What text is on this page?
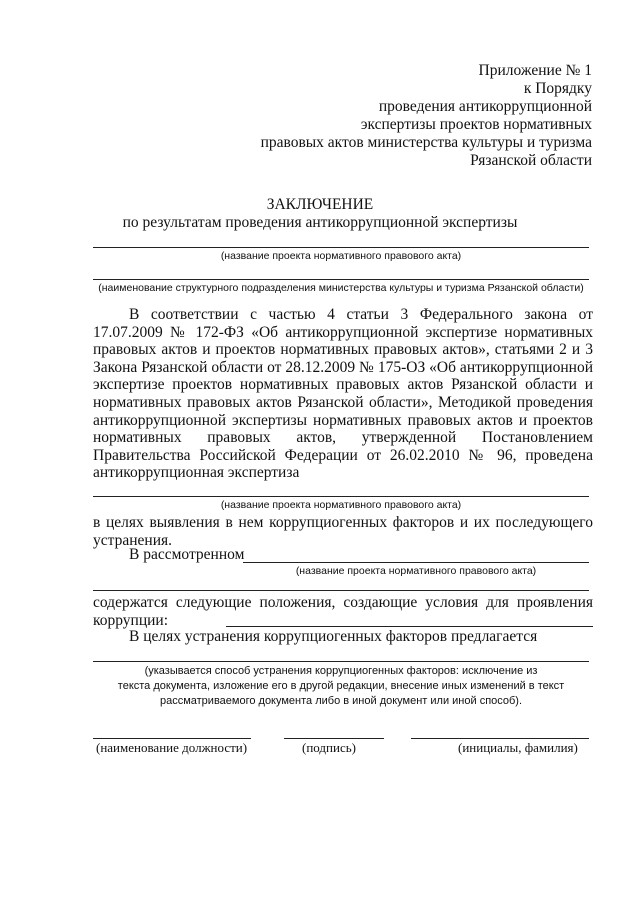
Приложение № 1
к Порядку
проведения антикоррупционной
экспертизы проектов нормативных
правовых актов министерства культуры и туризма
Рязанской области
ЗАКЛЮЧЕНИЕ
по результатам проведения антикоррупционной экспертизы
(название проекта нормативного правового акта)
(наименование структурного подразделения министерства культуры и туризма Рязанской области)
В соответствии с частью 4 статьи 3 Федерального закона от 17.07.2009 № 172-ФЗ «Об антикоррупционной экспертизе нормативных правовых актов и проектов нормативных правовых актов», статьями 2 и 3 Закона Рязанской области от 28.12.2009 № 175-ОЗ «Об антикоррупционной экспертизе проектов нормативных правовых актов Рязанской области и нормативных правовых актов Рязанской области», Методикой проведения антикоррупционной экспертизы нормативных правовых актов и проектов нормативных правовых актов, утвержденной Постановлением Правительства Российской Федерации от 26.02.2010 № 96, проведена антикоррупционная экспертиза
(название проекта нормативного правового акта)
в целях выявления в нем коррупциогенных факторов и их последующего устранения.
В рассмотренном
(название проекта нормативного правового акта)
содержатся следующие положения, создающие условия для проявления коррупции:
В целях устранения коррупциогенных факторов предлагается
(указывается способ устранения коррупциогенных факторов: исключение из
текста документа, изложение его в другой редакции, внесение иных изменений в текст
рассматриваемого документа либо в иной документ или иной способ).
(наименование должности)	(подпись)	(инициалы, фамилия)
